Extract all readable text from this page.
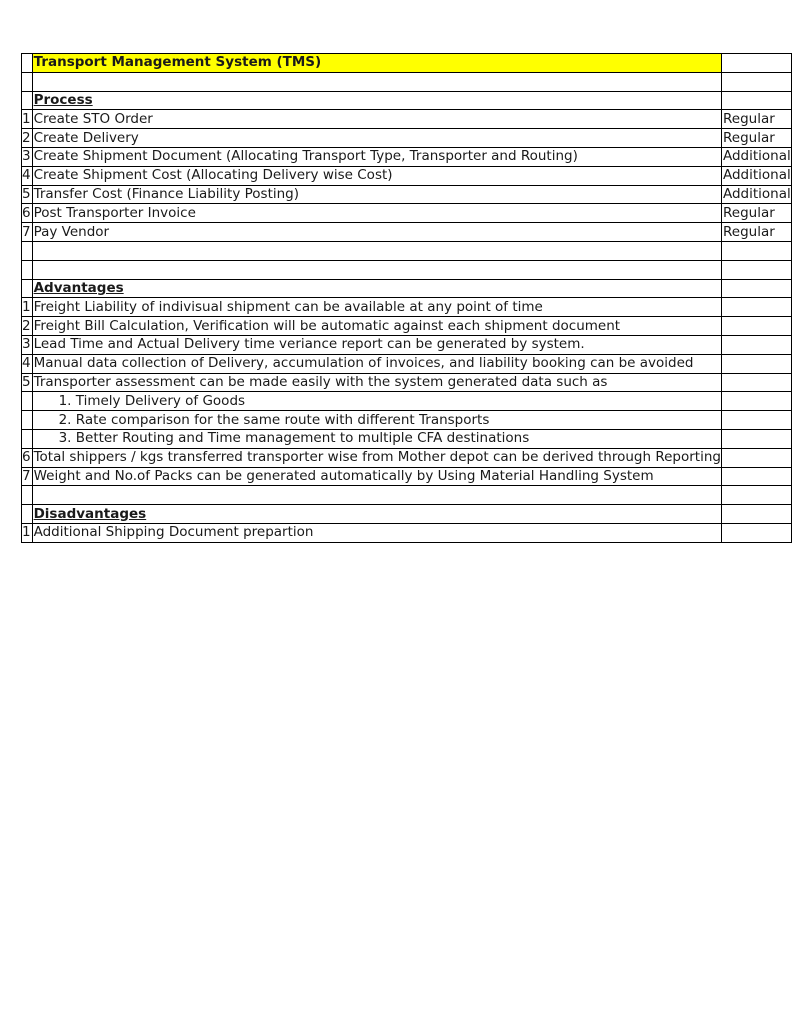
	Transport Management System (TMS)	

	Process	
1	Create STO Order	Regular
2	Create Delivery	Regular
3	Create Shipment Document (Allocating Transport Type, Transporter and Routing)	Additional
4	Create Shipment Cost (Allocating Delivery wise Cost)	Additional
5	Transfer Cost (Finance Liability Posting)	Additional
6	Post Transporter Invoice	Regular
7	Pay Vendor	Regular

	Advantages	
1	Freight Liability of indivisual shipment can be available at any point of time	
2	Freight Bill Calculation, Verification will be automatic against each shipment document	
3	Lead Time and Actual Delivery time veriance report can be generated by system.	
4	Manual data collection of Delivery, accumulation of invoices, and liability booking can be avoided	
5	Transporter assessment can be made easily with the system generated data such as	
	1. Timely Delivery of Goods	
	2. Rate comparison for the same route with different Transports	
	3. Better Routing and Time management to multiple CFA destinations	
6	Total shippers / kgs transferred transporter wise from Mother depot can be derived through Reporting	
7	Weight and No.of Packs can be generated automatically by Using Material Handling System	

	Disadvantages	
1	Additional Shipping Document prepartion	
